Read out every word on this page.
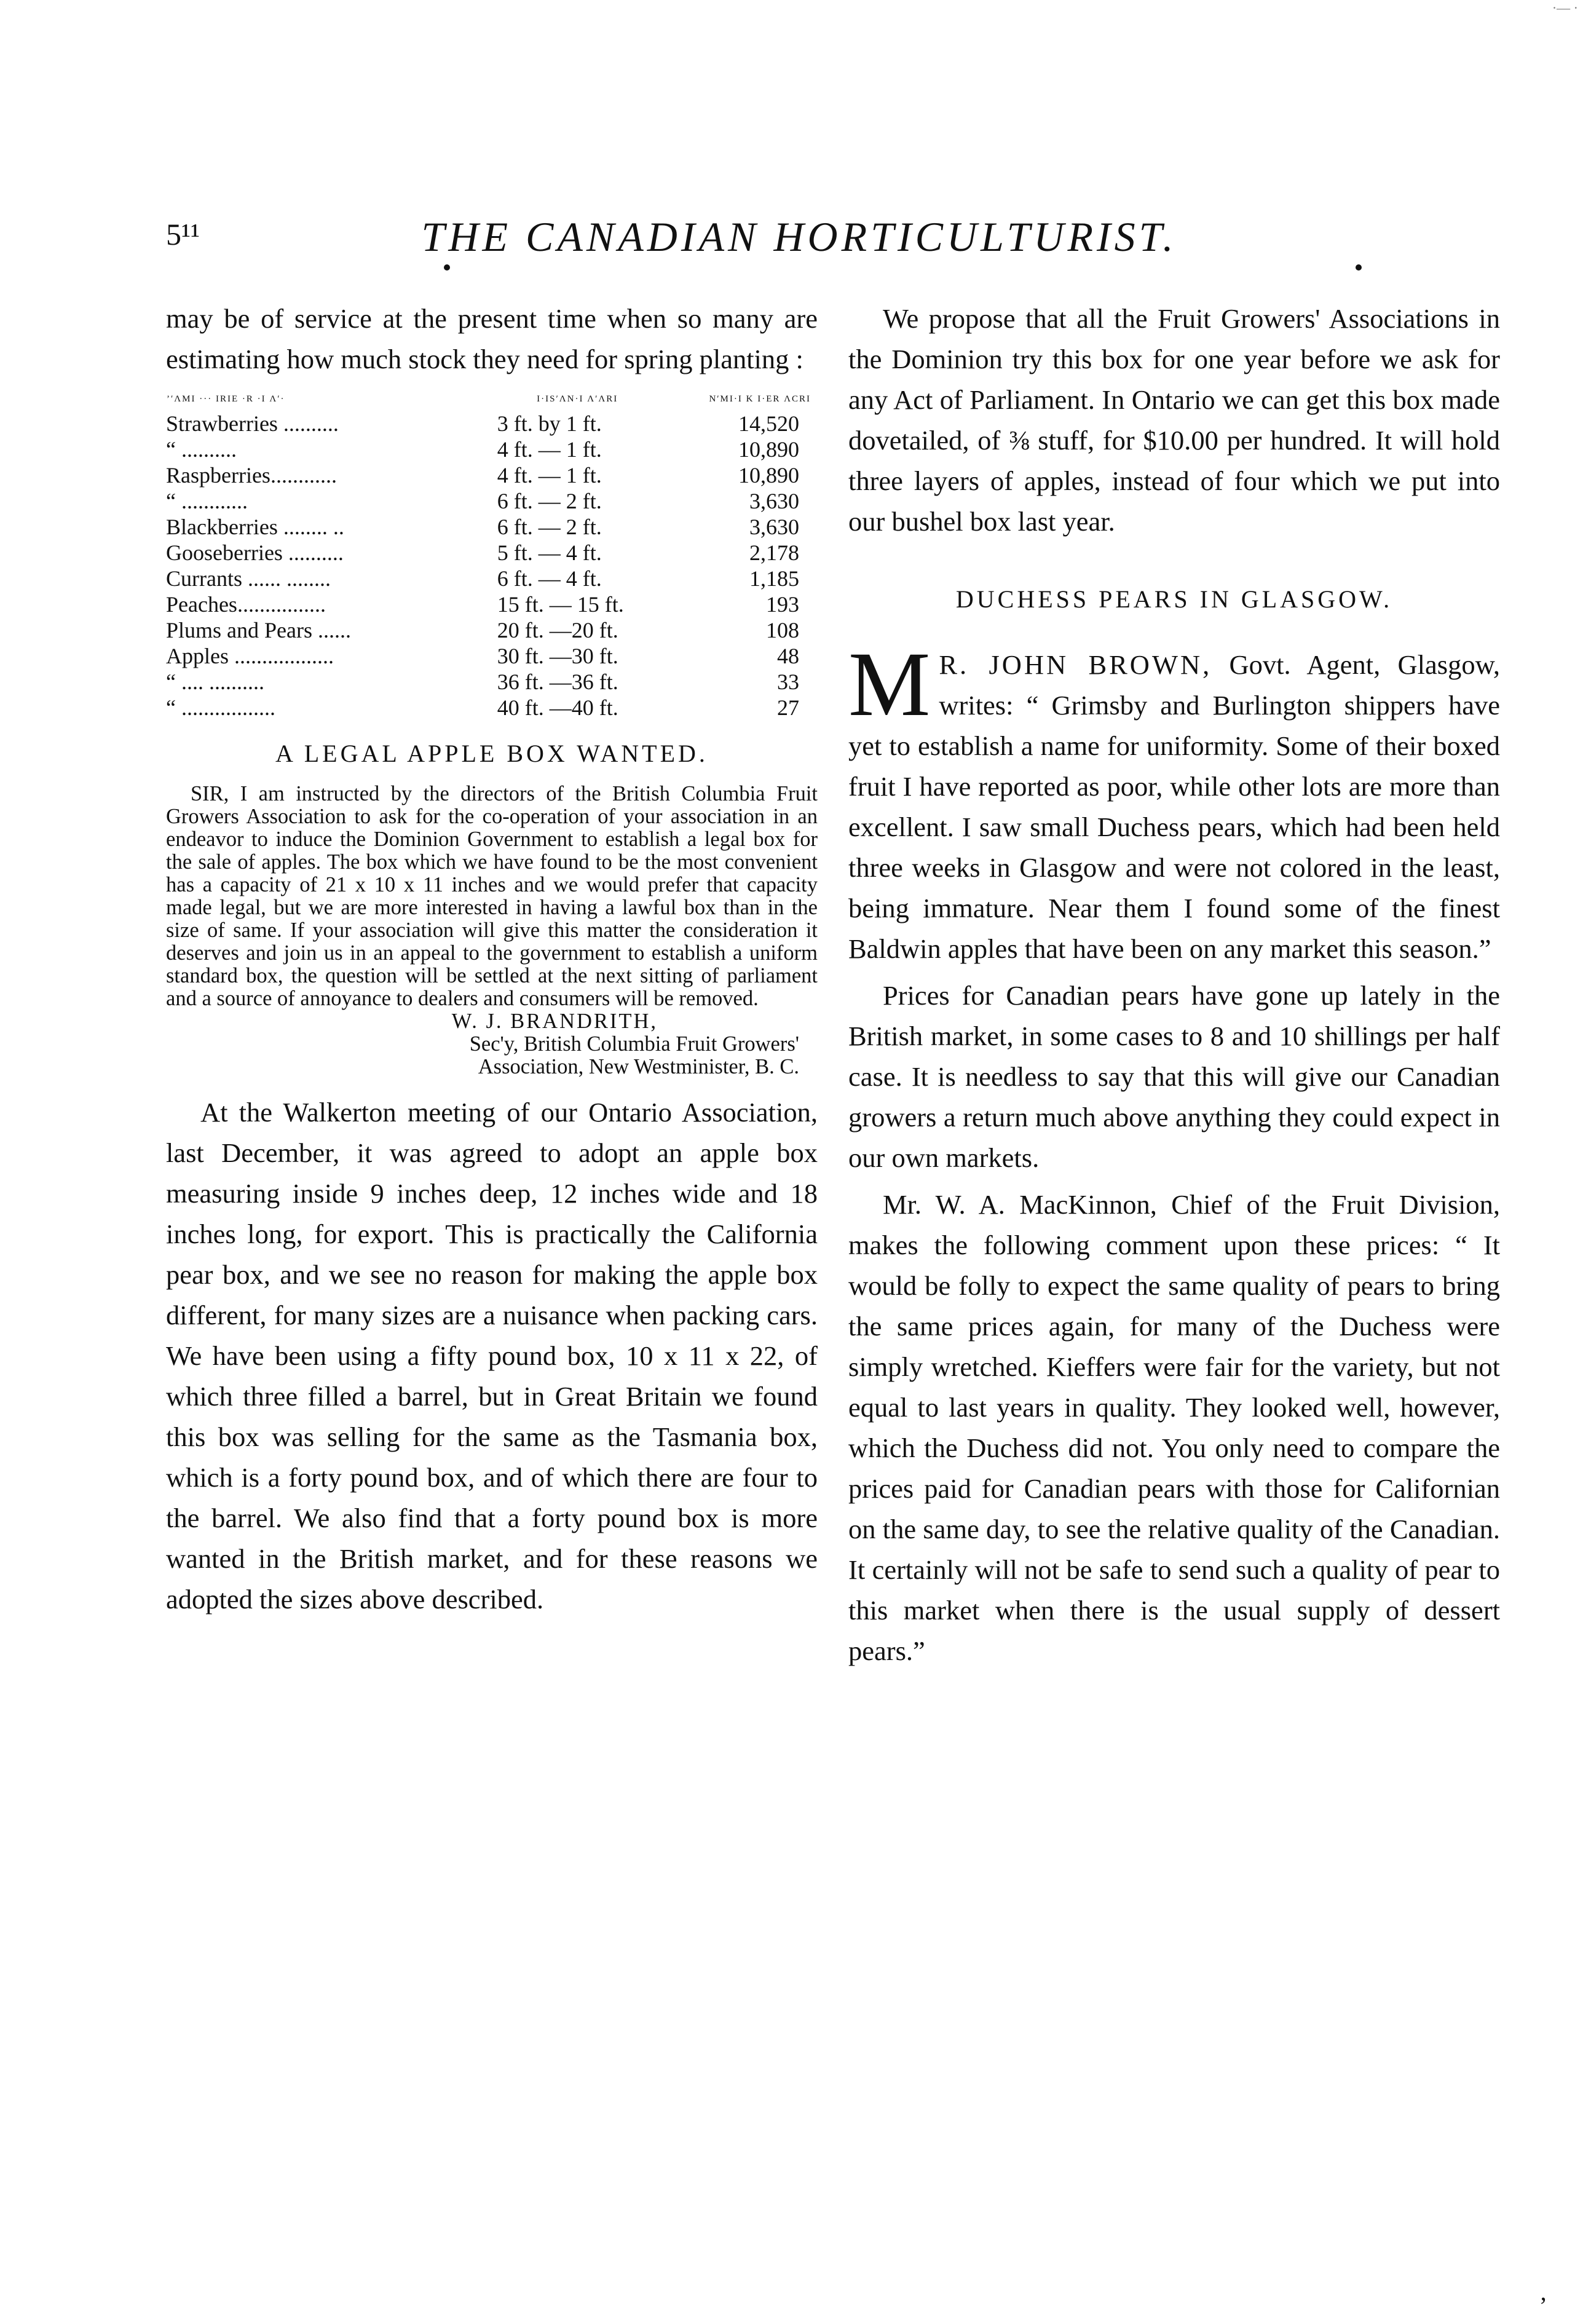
5¹¹	THE CANADIAN HORTICULTURIST.
·— ·

may be of service at the present time when so many are estimating how much stock they need for spring planting :

’′ΛMI ··· IRIE ·R ·I Λ′·	I·IS′ΛN·I Λ′ΛRI	N′MI·I K I·ER ΛCRI
Strawberries ..........	3 ft. by 1 ft.	14,520
“ ..........	4 ft. — 1 ft.	10,890
Raspberries............	4 ft. — 1 ft.	10,890
“ ............	6 ft. — 2 ft.	3,630
Blackberries ........ ..	6 ft. — 2 ft.	3,630
Gooseberries ..........	5 ft. — 4 ft.	2,178
Currants ...... ........	6 ft. — 4 ft.	1,185
Peaches................	15 ft. — 15 ft.	193
Plums and Pears ......	20 ft. —20 ft.	108
Apples ..................	30 ft. —30 ft.	48
“ .... ..........	36 ft. —36 ft.	33
“ .................	40 ft. —40 ft.	27
A LEGAL APPLE BOX WANTED.

SIR, I am instructed by the directors of the British Columbia Fruit Growers Association to ask for the co-operation of your association in an endeavor to induce the Dominion Government to establish a legal box for the sale of apples. The box which we have found to be the most convenient has a capacity of 21 x 10 x 11 inches and we would prefer that capacity made legal, but we are more interested in having a lawful box than in the size of same. If your association will give this matter the consideration it deserves and join us in an appeal to the government to establish a uniform standard box, the question will be settled at the next sitting of parliament and a source of annoyance to dealers and consumers will be removed.

W. J. BRANDRITH,
Sec'y, British Columbia Fruit Growers'
Association, New Westminister, B. C.

At the Walkerton meeting of our Ontario Association, last December, it was agreed to adopt an apple box measuring inside 9 inches deep, 12 inches wide and 18 inches long, for export. This is practically the California pear box, and we see no reason for making the apple box different, for many sizes are a nuisance when packing cars. We have been using a fifty pound box, 10 x 11 x 22, of which three filled a barrel, but in Great Britain we found this box was selling for the same as the Tasmania box, which is a forty pound box, and of which there are four to the barrel. We also find that a forty pound box is more wanted in the British market, and for these reasons we adopted the sizes above described.

We propose that all the Fruit Growers' Associations in the Dominion try this box for one year before we ask for any Act of Parliament. In Ontario we can get this box made dovetailed, of ⅜ stuff, for $10.00 per hundred. It will hold three layers of apples, instead of four which we put into our bushel box last year.

DUCHESS PEARS IN GLASGOW.
M R. JOHN BROWN, Govt. Agent, Glasgow, writes: “ Grimsby and Burlington shippers have yet to establish a name for uniformity. Some of their boxed fruit I have reported as poor, while other lots are more than excellent. I saw small Duchess pears, which had been held three weeks in Glasgow and were not colored in the least, being immature. Near them I found some of the finest Baldwin apples that have been on any market this season.”

Prices for Canadian pears have gone up lately in the British market, in some cases to 8 and 10 shillings per half case. It is needless to say that this will give our Canadian growers a return much above anything they could expect in our own markets.

Mr. W. A. MacKinnon, Chief of the Fruit Division, makes the following comment upon these prices: “ It would be folly to expect the same quality of pears to bring the same prices again, for many of the Duchess were simply wretched. Kieffers were fair for the variety, but not equal to last years in quality. They looked well, however, which the Duchess did not. You only need to compare the prices paid for Canadian pears with those for Californian on the same day, to see the relative quality of the Canadian. It certainly will not be safe to send such a quality of pear to this market when there is the usual supply of dessert pears.”

ʼ
